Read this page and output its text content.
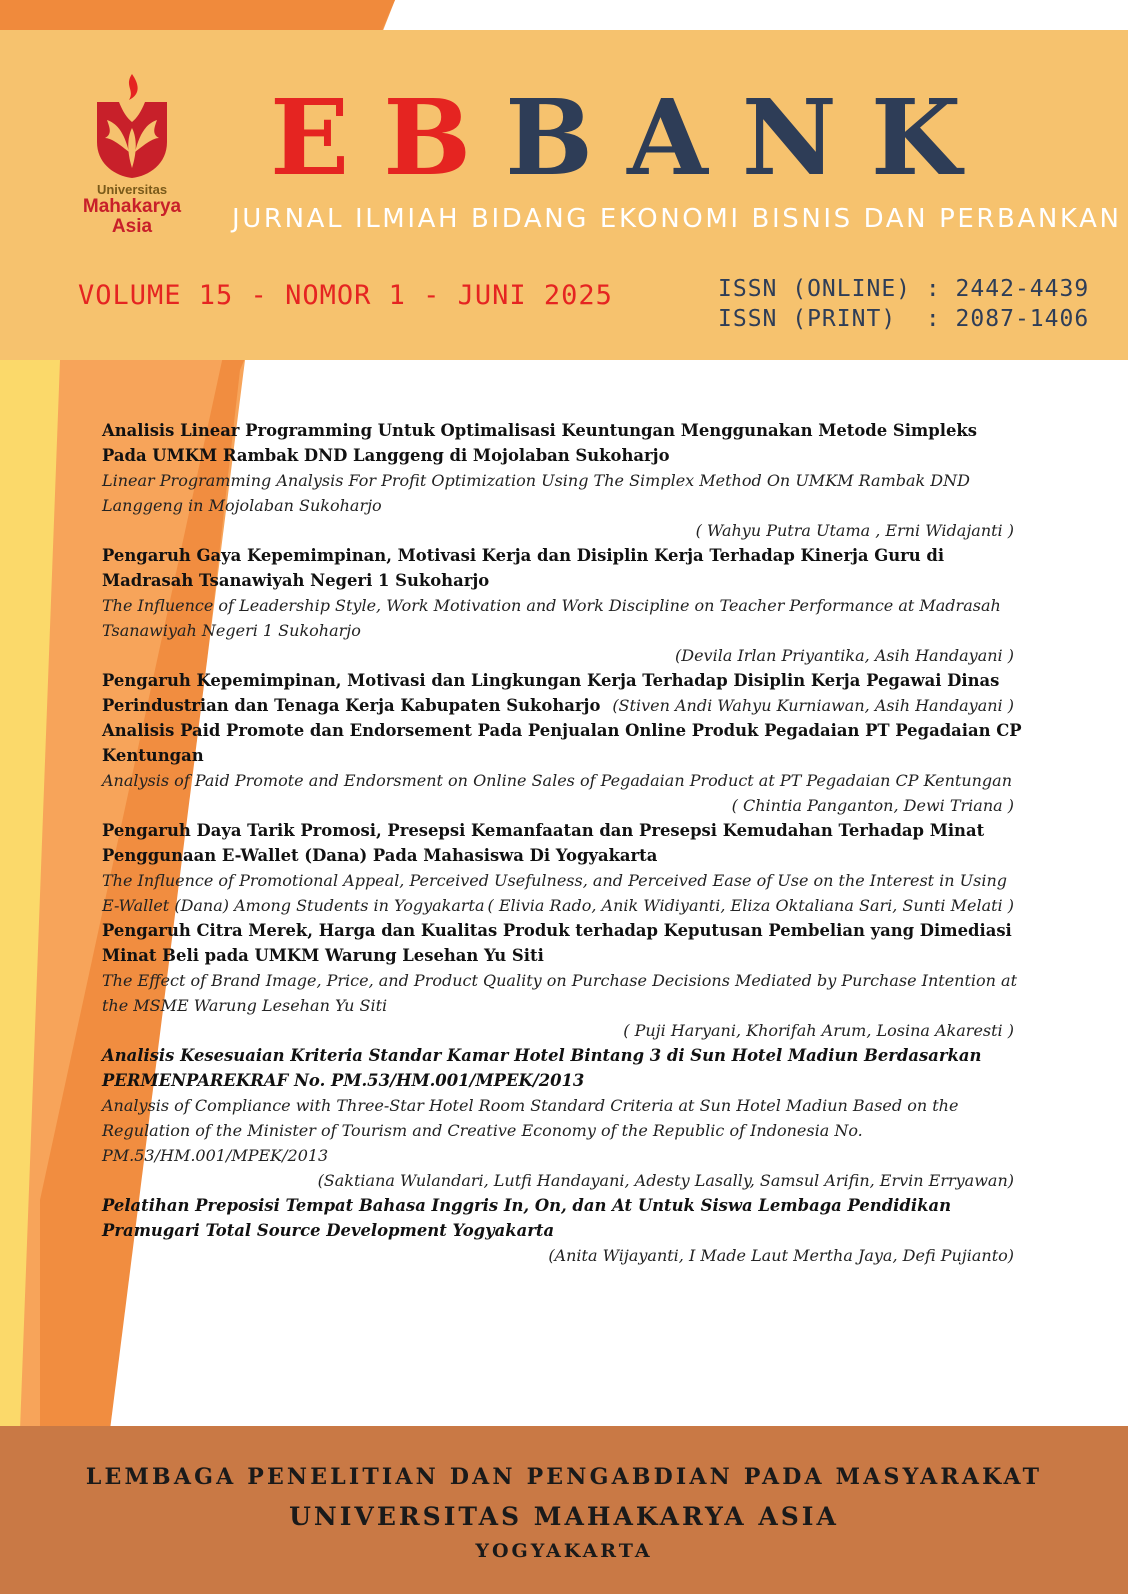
Universitas
Mahakarya
Asia
EBBANK
JURNAL ILMIAH BIDANG EKONOMI BISNIS DAN PERBANKAN
VOLUME 15 - NOMOR 1 - JUNI 2025	ISSN (ONLINE) : 2442-4439
ISSN (PRINT)  : 2087-1406
Analisis Linear Programming Untuk Optimalisasi Keuntungan Menggunakan Metode Simpleks Pada UMKM Rambak DND Langgeng di Mojolaban Sukoharjo
Linear Programming Analysis For Profit Optimization Using The Simplex Method On UMKM Rambak DND Langgeng in Mojolaban Sukoharjo
( Wahyu Putra Utama , Erni Widajanti )
Pengaruh Gaya Kepemimpinan, Motivasi Kerja dan Disiplin Kerja Terhadap Kinerja Guru di Madrasah Tsanawiyah Negeri 1 Sukoharjo
The Influence of Leadership Style, Work Motivation and Work Discipline on Teacher Performance at Madrasah Tsanawiyah Negeri 1 Sukoharjo
(Devila Irlan Priyantika, Asih Handayani )
Pengaruh Kepemimpinan, Motivasi dan Lingkungan Kerja Terhadap Disiplin Kerja Pegawai Dinas Perindustrian dan Tenaga Kerja Kabupaten Sukoharjo (Stiven Andi Wahyu Kurniawan, Asih Handayani )
Analisis Paid Promote dan Endorsement Pada Penjualan Online Produk Pegadaian PT Pegadaian CP Kentungan
Analysis of Paid Promote and Endorsment on Online Sales of Pegadaian Product at PT Pegadaian CP Kentungan
( Chintia Panganton, Dewi Triana )
Pengaruh Daya Tarik Promosi, Presepsi Kemanfaatan dan Presepsi Kemudahan Terhadap Minat Penggunaan E-Wallet (Dana) Pada Mahasiswa Di Yogyakarta
The Influence of Promotional Appeal, Perceived Usefulness, and Perceived Ease of Use on the Interest in Using E-Wallet (Dana) Among Students in Yogyakarta ( Elivia Rado, Anik Widiyanti, Eliza Oktaliana Sari, Sunti Melati )
Pengaruh Citra Merek, Harga dan Kualitas Produk terhadap Keputusan Pembelian yang Dimediasi Minat Beli pada UMKM Warung Lesehan Yu Siti
The Effect of Brand Image, Price, and Product Quality on Purchase Decisions Mediated by Purchase Intention at the MSME Warung Lesehan Yu Siti
( Puji Haryani, Khorifah Arum, Losina Akaresti )
Analisis Kesesuaian Kriteria Standar Kamar Hotel Bintang 3 di Sun Hotel Madiun Berdasarkan PERMENPAREKRAF No. PM.53/HM.001/MPEK/2013
Analysis of Compliance with Three-Star Hotel Room Standard Criteria at Sun Hotel Madiun Based on the Regulation of the Minister of Tourism and Creative Economy of the Republic of Indonesia No. PM.53/HM.001/MPEK/2013
(Saktiana Wulandari, Lutfi Handayani, Adesty Lasally, Samsul Arifin, Ervin Erryawan)
Pelatihan Preposisi Tempat Bahasa Inggris In, On, dan At Untuk Siswa Lembaga Pendidikan Pramugari Total Source Development Yogyakarta
(Anita Wijayanti, I Made Laut Mertha Jaya, Defi Pujianto)
LEMBAGA PENELITIAN DAN PENGABDIAN PADA MASYARAKAT
UNIVERSITAS MAHAKARYA ASIA
YOGYAKARTA
